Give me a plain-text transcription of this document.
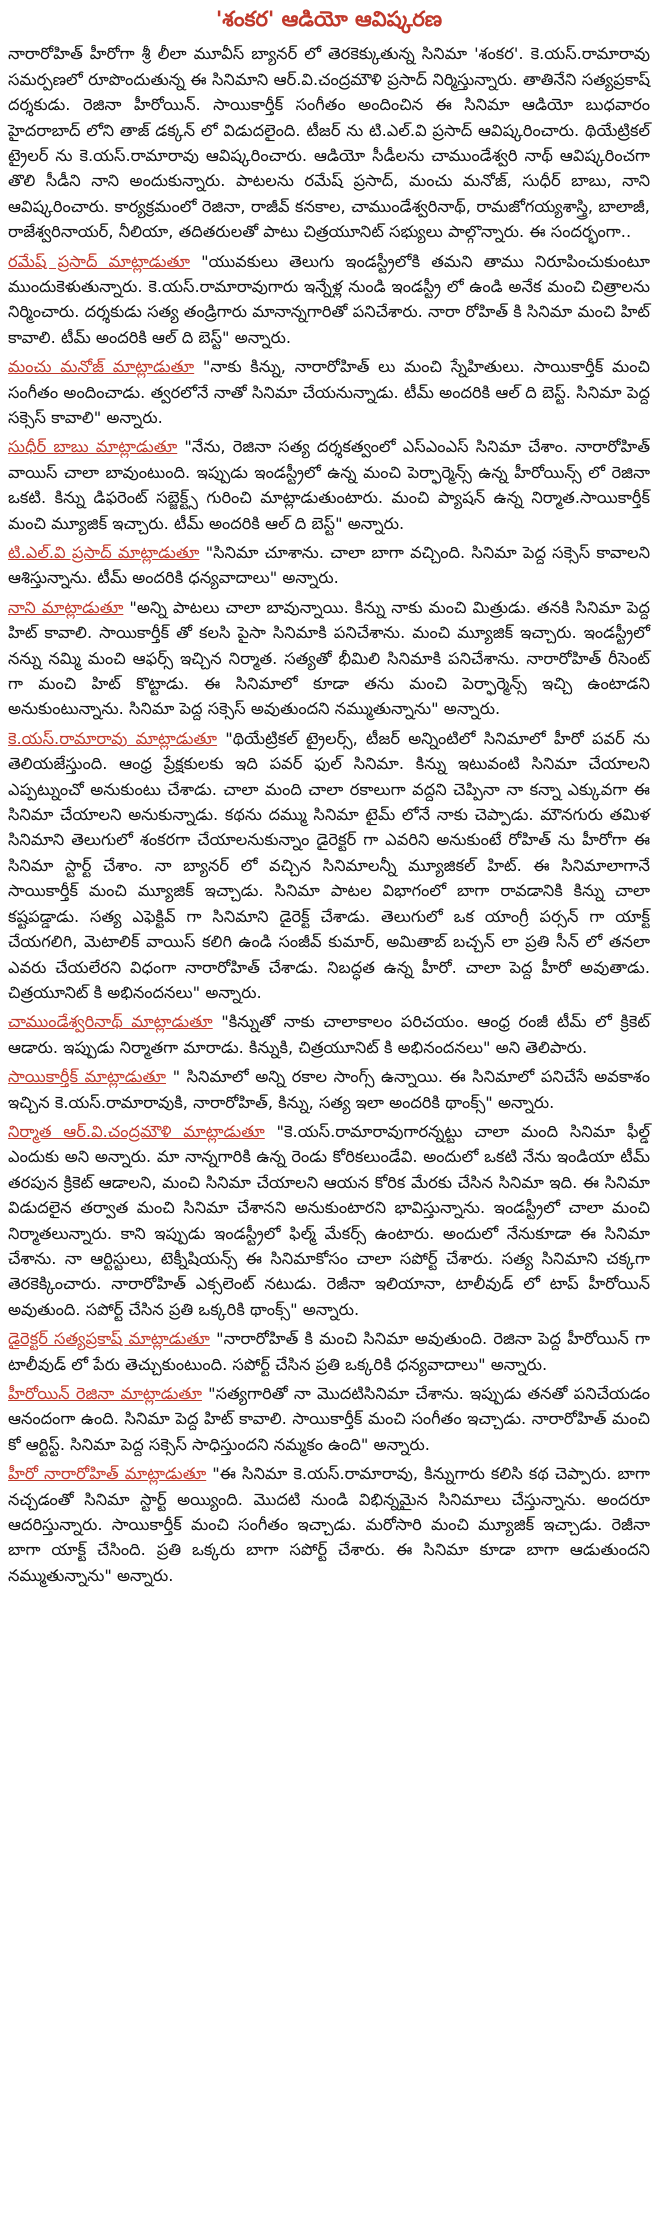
'శంకర' ఆడియో ఆవిష్కరణ

నారారోహిత్ హీరోగా శ్రీ లీలా మూవీస్ బ్యానర్ లో తెరకెక్కుతున్న సినిమా 'శంకర'. కె.యస్.రామారావు సమర్పణలో రూపొందుతున్న ఈ సినిమాని ఆర్.వి.చంద్రమౌళి ప్రసాద్ నిర్మిస్తున్నారు. తాతినేని సత్యప్రకాష్ దర్శకుడు. రెజినా హీరోయిన్. సాయికార్తీక్ సంగీతం అందించిన ఈ సినిమా ఆడియో బుధవారం హైదరాబాద్ లోని తాజ్ డక్కన్ లో విడుదలైంది. టీజర్ ను టి.ఎల్.వి ప్రసాద్ ఆవిష్కరించారు. థియేట్రికల్ ట్రైలర్ ను కె.యస్.రామారావు ఆవిష్కరించారు. ఆడియో సీడీలను చాముండేశ్వరి నాథ్ ఆవిష్కరించగా తొలి సీడీని నాని అందుకున్నారు. పాటలను రమేష్ ప్రసాద్, మంచు మనోజ్, సుధీర్ బాబు, నాని ఆవిష్కరించారు. కార్యక్రమంలో రెజినా, రాజీవ్ కనకాల, చాముండేశ్వరినాథ్, రామజోగయ్యశాస్త్రి, బాలాజీ, రాజేశ్వరినాయర్, నీలియా, తదితరులతో పాటు చిత్రయూనిట్ సభ్యులు పాల్గొన్నారు. ఈ సందర్భంగా..

రమేష్ ప్రసాద్ మాట్లాడుతూ "యువకులు తెలుగు ఇండస్ట్రీలోకి తమని తాము నిరూపించుకుంటూ ముందుకెళుతున్నారు. కె.యస్.రామారావుగారు ఇన్నేళ్ల నుండి ఇండస్ట్రీ లో ఉండి అనేక మంచి చిత్రాలను నిర్మించారు. దర్శకుడు సత్య తండ్రిగారు మానాన్నగారితో పనిచేశారు. నారా రోహిత్ కి సినిమా మంచి హిట్ కావాలి. టీమ్ అందరికి ఆల్ ది బెస్ట్" అన్నారు.

మంచు మనోజ్ మాట్లాడుతూ "నాకు కిన్ను, నారారోహిత్ లు మంచి స్నేహితులు. సాయికార్తీక్ మంచి సంగీతం అందించాడు. త్వరలోనే నాతో సినిమా చేయనున్నాడు. టీమ్ అందరికి ఆల్ ది బెస్ట్. సినిమా పెద్ద సక్సెస్ కావాలి" అన్నారు.

సుధీర్ బాబు మాట్లాడుతూ "నేను, రెజినా సత్య దర్శకత్వంలో ఎస్ఎంఎస్ సినిమా చేశాం. నారారోహిత్ వాయిస్ చాలా బావుంటుంది. ఇప్పుడు ఇండస్ట్రీలో ఉన్న మంచి పెర్ఫార్మెన్స్ ఉన్న హీరోయిన్స్ లో రెజినా ఒకటి. కిన్ను డిఫరెంట్ సబ్జెక్ట్స్ గురించి మాట్లాడుతుంటారు. మంచి ప్యాషన్ ఉన్న నిర్మాత.సాయికార్తీక్ మంచి మ్యూజిక్ ఇచ్చారు. టీమ్ అందరికి ఆల్ ది బెస్ట్" అన్నారు.

టి.ఎల్.వి ప్రసాద్ మాట్లాడుతూ "సినిమా చూశాను. చాలా బాగా వచ్చింది. సినిమా పెద్ద సక్సెస్ కావాలని ఆశిస్తున్నాను. టీమ్ అందరికి ధన్యవాదాలు" అన్నారు.

నాని మాట్లాడుతూ "అన్ని పాటలు చాలా బావున్నాయి. కిన్ను నాకు మంచి మిత్రుడు. తనకి సినిమా పెద్ద హిట్ కావాలి. సాయికార్తీక్ తో కలసి పైసా సినిమాకి పనిచేశాను. మంచి మ్యూజిక్ ఇచ్చారు. ఇండస్ట్రీలో నన్ను నమ్మి మంచి ఆఫర్స్ ఇచ్చిన నిర్మాత. సత్యతో భీమిలి సినిమాకి పనిచేశాను. నారారోహిత్ రీసెంట్ గా మంచి హిట్ కొట్టాడు. ఈ సినిమాలో కూడా తను మంచి పెర్ఫార్మెన్స్ ఇచ్చి ఉంటాడని అనుకుంటున్నాను. సినిమా పెద్ద సక్సెస్ అవుతుందని నమ్ముతున్నాను" అన్నారు.

కె.యస్.రామారావు మాట్లాడుతూ "థియేట్రికల్ ట్రైలర్స్, టీజర్ అన్నింటిలో సినిమాలో హీరో పవర్ ను తెలియజేస్తుంది. ఆంధ్ర ప్రేక్షకులకు ఇది పవర్ ఫుల్ సినిమా. కిన్ను ఇటువంటి సినిమా చేయాలని ఎప్పట్నుంచో అనుకుంటు చేశాడు. చాలా మంది చాలా రకాలుగా వద్దని చెప్పినా నా కన్నా ఎక్కువగా ఈ సినిమా చేయాలని అనుకున్నాడు. కథను దమ్ము సినిమా టైమ్ లోనే నాకు చెప్పాడు. మౌనగురు తమిళ సినిమాని తెలుగులో శంకరగా చేయాలనుకున్నాం డైరెక్టర్ గా ఎవరిని అనుకుంటే రోహిత్ ను హీరోగా ఈ సినిమా స్టార్ట్ చేశాం. నా బ్యానర్ లో వచ్చిన సినిమాలన్నీ మ్యూజికల్ హిట్. ఈ సినిమాలాగానే సాయికార్తీక్ మంచి మ్యూజిక్ ఇచ్చాడు. సినిమా పాటల విభాగంలో బాగా రావడానికి కిన్ను చాలా కష్టపడ్డాడు. సత్య ఎఫెక్టివ్ గా సినిమాని డైరెక్ట్ చేశాడు. తెలుగులో ఒక యాంగ్రీ పర్సన్ గా యాక్ట్ చేయగలిగి, మెటాలిక్ వాయిస్ కలిగి ఉండి సంజీవ్ కుమార్, అమితాబ్ బచ్చన్ లా ప్రతి సీన్ లో తనలా ఎవరు చేయలేరని విధంగా నారారోహిత్ చేశాడు. నిబద్ధత ఉన్న హీరో. చాలా పెద్ద హీరో అవుతాడు. చిత్రయూనిట్ కి అభినందనలు" అన్నారు.

చాముండేశ్వరినాథ్ మాట్లాడుతూ "కిన్నుతో నాకు చాలాకాలం పరిచయం. ఆంధ్ర రంజీ టీమ్ లో క్రికెట్ ఆడారు. ఇప్పుడు నిర్మాతగా మారాడు. కిన్నుకి, చిత్రయూనిట్ కి అభినందనలు" అని తెలిపారు.

సాయికార్తీక్ మాట్లాడుతూ " సినిమాలో అన్ని రకాల సాంగ్స్ ఉన్నాయి. ఈ సినిమాలో పనిచేసే అవకాశం ఇచ్చిన కె.యస్.రామారావుకి, నారారోహిత్, కిన్ను, సత్య ఇలా అందరికి థాంక్స్" అన్నారు.

నిర్మాత ఆర్.వి.చంద్రమౌళి మాట్లాడుతూ "కె.యస్.రామారావుగారన్నట్టు చాలా మంది సినిమా ఫీల్డ్ ఎందుకు అని అన్నారు. మా నాన్నగారికి ఉన్న రెండు కోరికలుండేవి. అందులో ఒకటి నేను ఇండియా టీమ్ తరపున క్రికెట్ ఆడాలని, మంచి సినిమా చేయాలని ఆయన కోరిక మేరకు చేసిన సినిమా ఇది. ఈ సినిమా విడుదలైన తర్వాత మంచి సినిమా చేశానని అనుకుంటారని భావిస్తున్నాను. ఇండస్ట్రీలో చాలా మంచి నిర్మాతలున్నారు. కాని ఇప్పుడు ఇండస్ట్రీలో ఫిల్మ్ మేకర్స్ ఉంటారు. అందులో నేనుకూడా ఈ సినిమా చేశాను. నా ఆర్టిస్టులు, టెక్నీషియన్స్ ఈ సినిమాకోసం చాలా సపోర్ట్ చేశారు. సత్య సినిమాని చక్కగా తెరకెక్కించారు. నారారోహిత్ ఎక్సలెంట్ నటుడు. రెజీనా ఇలియానా, టాలీవుడ్ లో టాప్ హీరోయిన్ అవుతుంది. సపోర్ట్ చేసిన ప్రతి ఒక్కరికి థాంక్స్" అన్నారు.

డైరెక్టర్ సత్యప్రకాష్ మాట్లాడుతూ "నారారోహిత్ కి మంచి సినిమా అవుతుంది. రెజినా పెద్ద హీరోయిన్ గా టాలీవుడ్ లో పేరు తెచ్చుకుంటుంది. సపోర్ట్ చేసిన ప్రతి ఒక్కరికి ధన్యవాదాలు" అన్నారు.

హీరోయిన్ రెజినా మాట్లాడుతూ "సత్యగారితో నా మొదటిసినిమా చేశాను. ఇప్పుడు తనతో పనిచేయడం ఆనందంగా ఉంది. సినిమా పెద్ద హిట్ కావాలి. సాయికార్తీక్ మంచి సంగీతం ఇచ్చాడు. నారారోహిత్ మంచి కో ఆర్టిస్ట్. సినిమా పెద్ద సక్సెస్ సాధిస్తుందని నమ్మకం ఉంది" అన్నారు.

హీరో నారారోహిత్ మాట్లాడుతూ "ఈ సినిమా కె.యస్.రామారావు, కిన్నుగారు కలిసి కథ చెప్పారు. బాగా నచ్చడంతో సినిమా స్టార్ట్ అయ్యింది. మొదటి నుండి విభిన్నమైన సినిమాలు చేస్తున్నాను. అందరూ ఆదరిస్తున్నారు. సాయికార్తీక్ మంచి సంగీతం ఇచ్చాడు. మరోసారి మంచి మ్యూజిక్ ఇచ్చాడు. రెజీనా బాగా యాక్ట్ చేసింది. ప్రతి ఒక్కరు బాగా సపోర్ట్ చేశారు. ఈ సినిమా కూడా బాగా ఆడుతుందని నమ్ముతున్నాను" అన్నారు.
